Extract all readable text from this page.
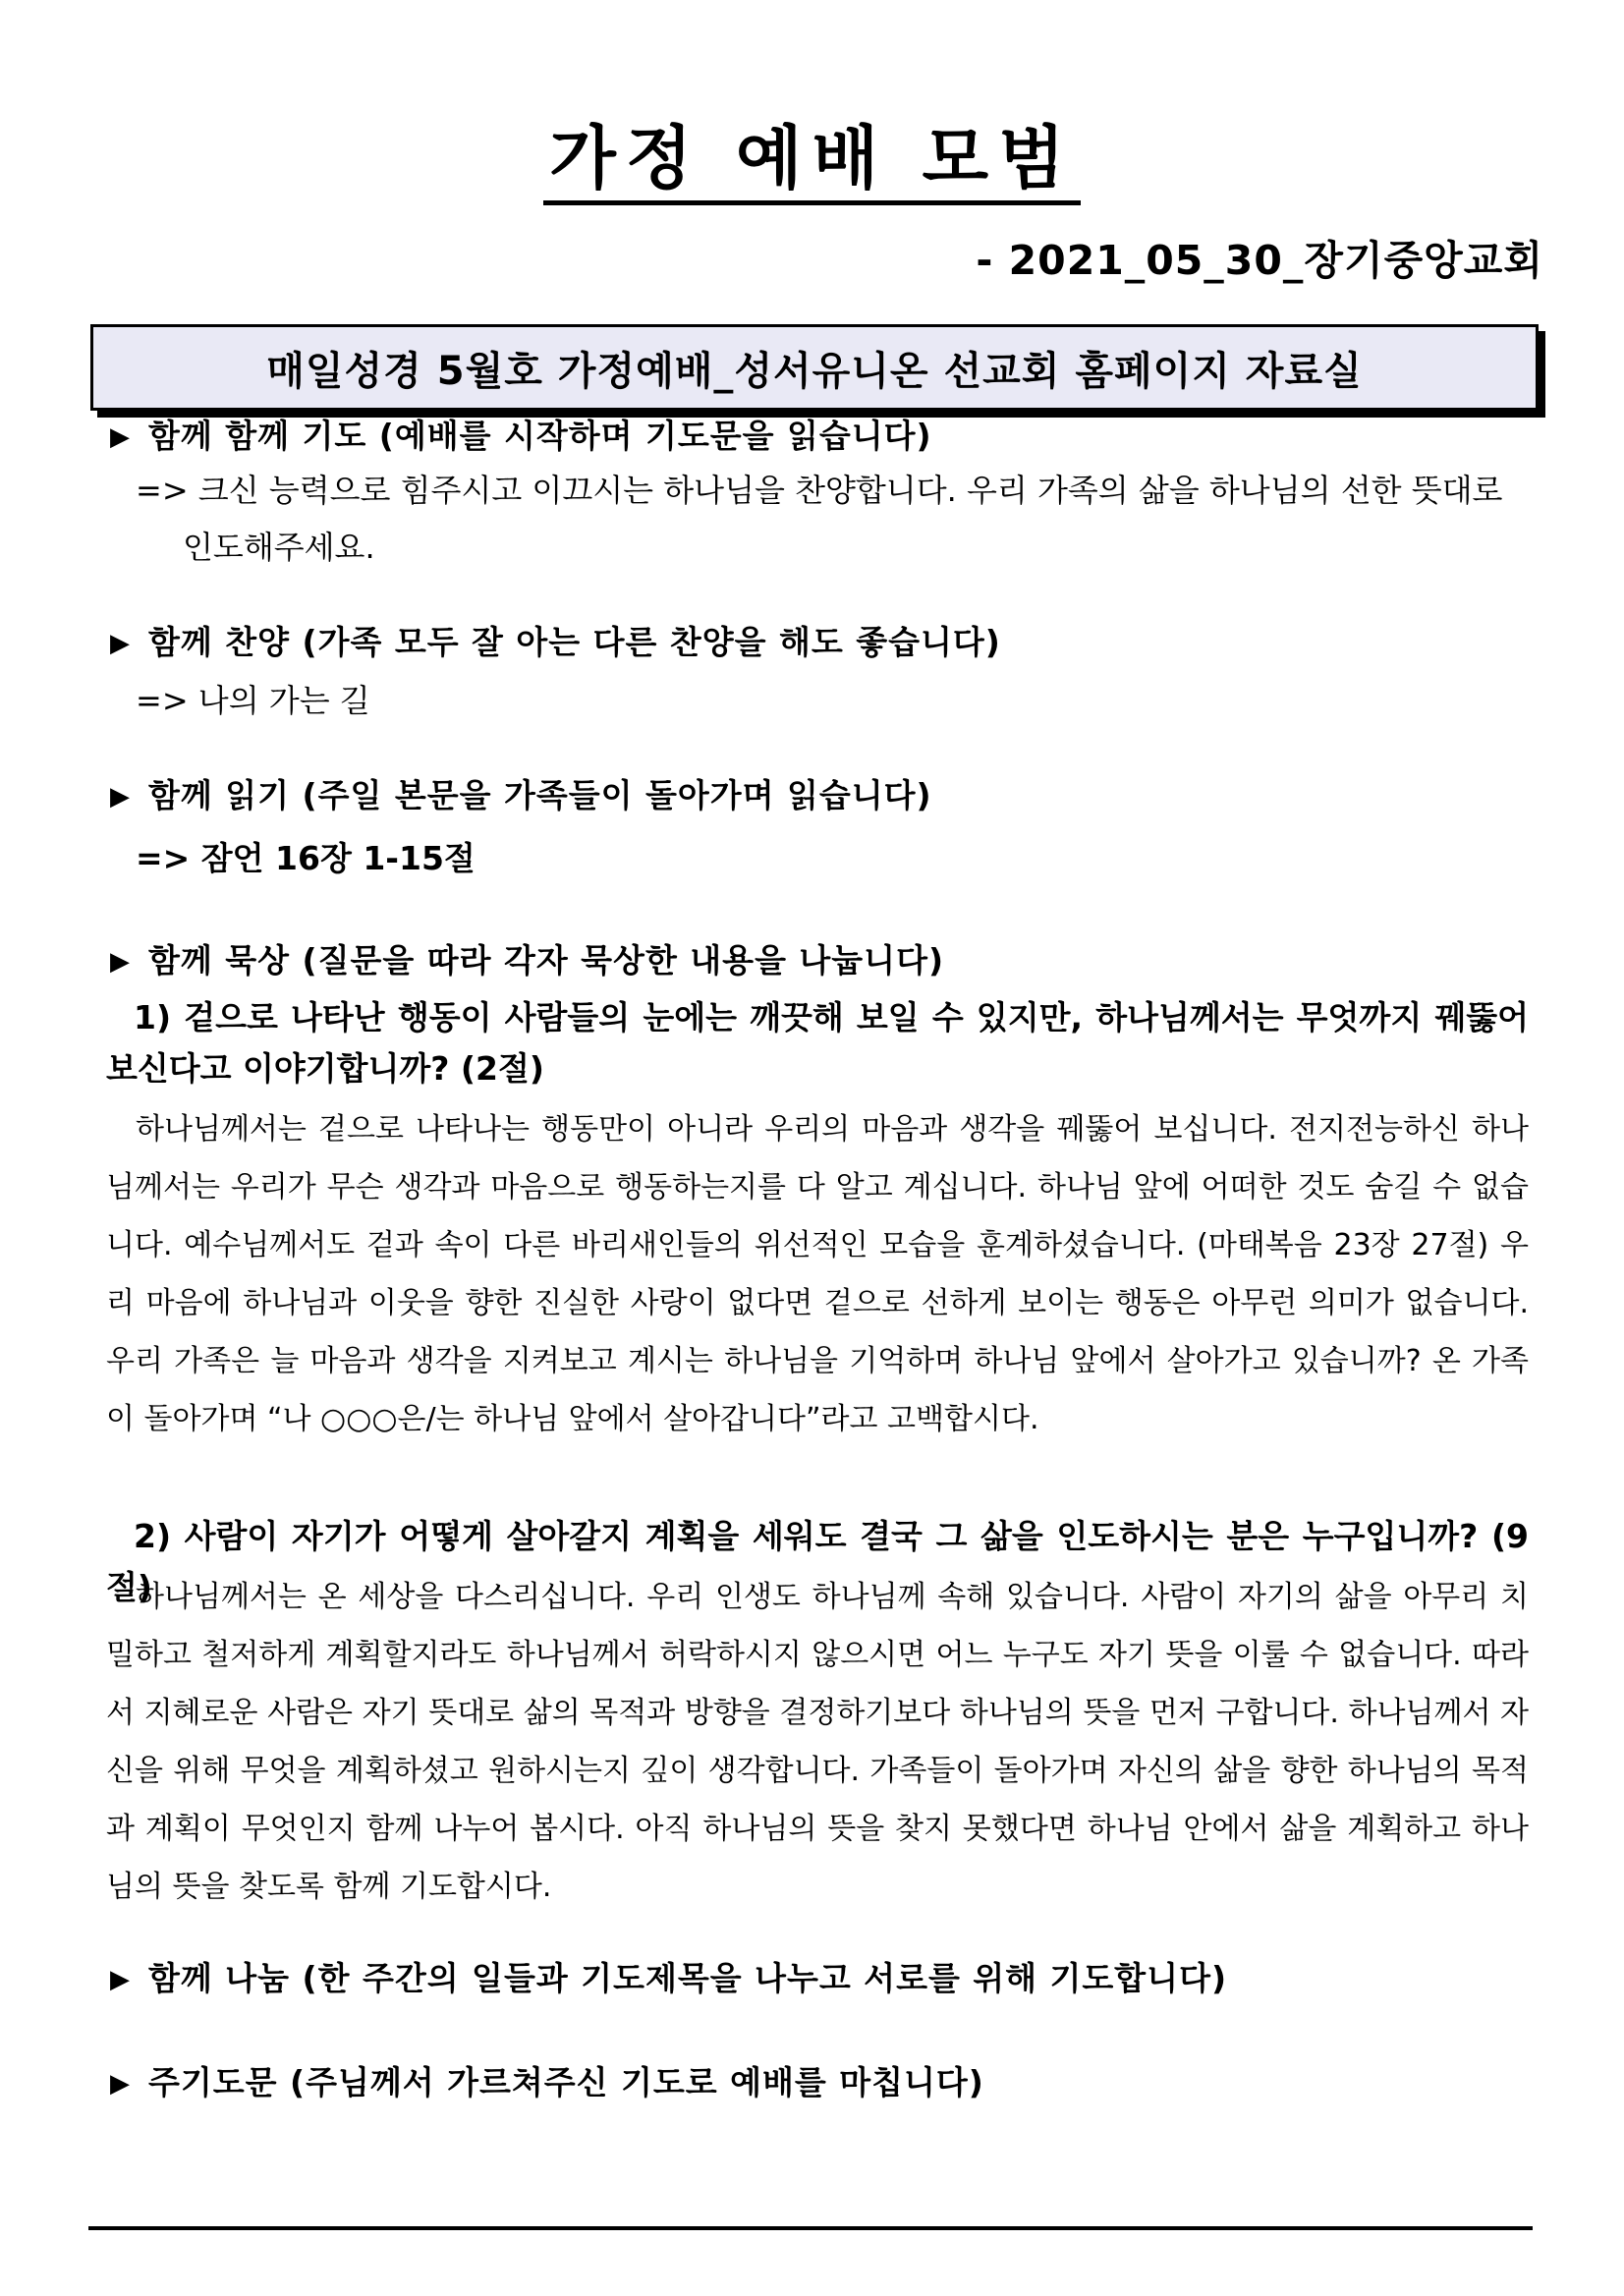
가정 예배 모범
- 2021_05_30_장기중앙교회
매일성경 5월호 가정예배_성서유니온 선교회 홈페이지 자료실
▶ 함께 함께 기도 (예배를 시작하며 기도문을 읽습니다)
=> 크신 능력으로 힘주시고 이끄시는 하나님을 찬양합니다. 우리 가족의 삶을 하나님의 선한 뜻대로
인도해주세요.
▶ 함께 찬양 (가족 모두 잘 아는 다른 찬양을 해도 좋습니다)
=> 나의 가는 길
▶ 함께 읽기 (주일 본문을 가족들이 돌아가며 읽습니다)
=> 잠언 16장 1-15절
▶ 함께 묵상 (질문을 따라 각자 묵상한 내용을 나눕니다)
1) 겉으로 나타난 행동이 사람들의 눈에는 깨끗해 보일 수 있지만, 하나님께서는 무엇까지 꿰뚫어 보신다고 이야기합니까? (2절)
하나님께서는 겉으로 나타나는 행동만이 아니라 우리의 마음과 생각을 꿰뚫어 보십니다. 전지전능하신 하나님께서는 우리가 무슨 생각과 마음으로 행동하는지를 다 알고 계십니다. 하나님 앞에 어떠한 것도 숨길 수 없습니다. 예수님께서도 겉과 속이 다른 바리새인들의 위선적인 모습을 훈계하셨습니다. (마태복음 23장 27절) 우리 마음에 하나님과 이웃을 향한 진실한 사랑이 없다면 겉으로 선하게 보이는 행동은 아무런 의미가 없습니다. 우리 가족은 늘 마음과 생각을 지켜보고 계시는 하나님을 기억하며 하나님 앞에서 살아가고 있습니까? 온 가족이 돌아가며 “나 ○○○은/는 하나님 앞에서 살아갑니다”라고 고백합시다.
2) 사람이 자기가 어떻게 살아갈지 계획을 세워도 결국 그 삶을 인도하시는 분은 누구입니까? (9절)
하나님께서는 온 세상을 다스리십니다. 우리 인생도 하나님께 속해 있습니다. 사람이 자기의 삶을 아무리 치밀하고 철저하게 계획할지라도 하나님께서 허락하시지 않으시면 어느 누구도 자기 뜻을 이룰 수 없습니다. 따라서 지혜로운 사람은 자기 뜻대로 삶의 목적과 방향을 결정하기보다 하나님의 뜻을 먼저 구합니다. 하나님께서 자신을 위해 무엇을 계획하셨고 원하시는지 깊이 생각합니다. 가족들이 돌아가며 자신의 삶을 향한 하나님의 목적과 계획이 무엇인지 함께 나누어 봅시다. 아직 하나님의 뜻을 찾지 못했다면 하나님 안에서 삶을 계획하고 하나님의 뜻을 찾도록 함께 기도합시다.
▶ 함께 나눔 (한 주간의 일들과 기도제목을 나누고 서로를 위해 기도합니다)
▶ 주기도문 (주님께서 가르쳐주신 기도로 예배를 마칩니다)
